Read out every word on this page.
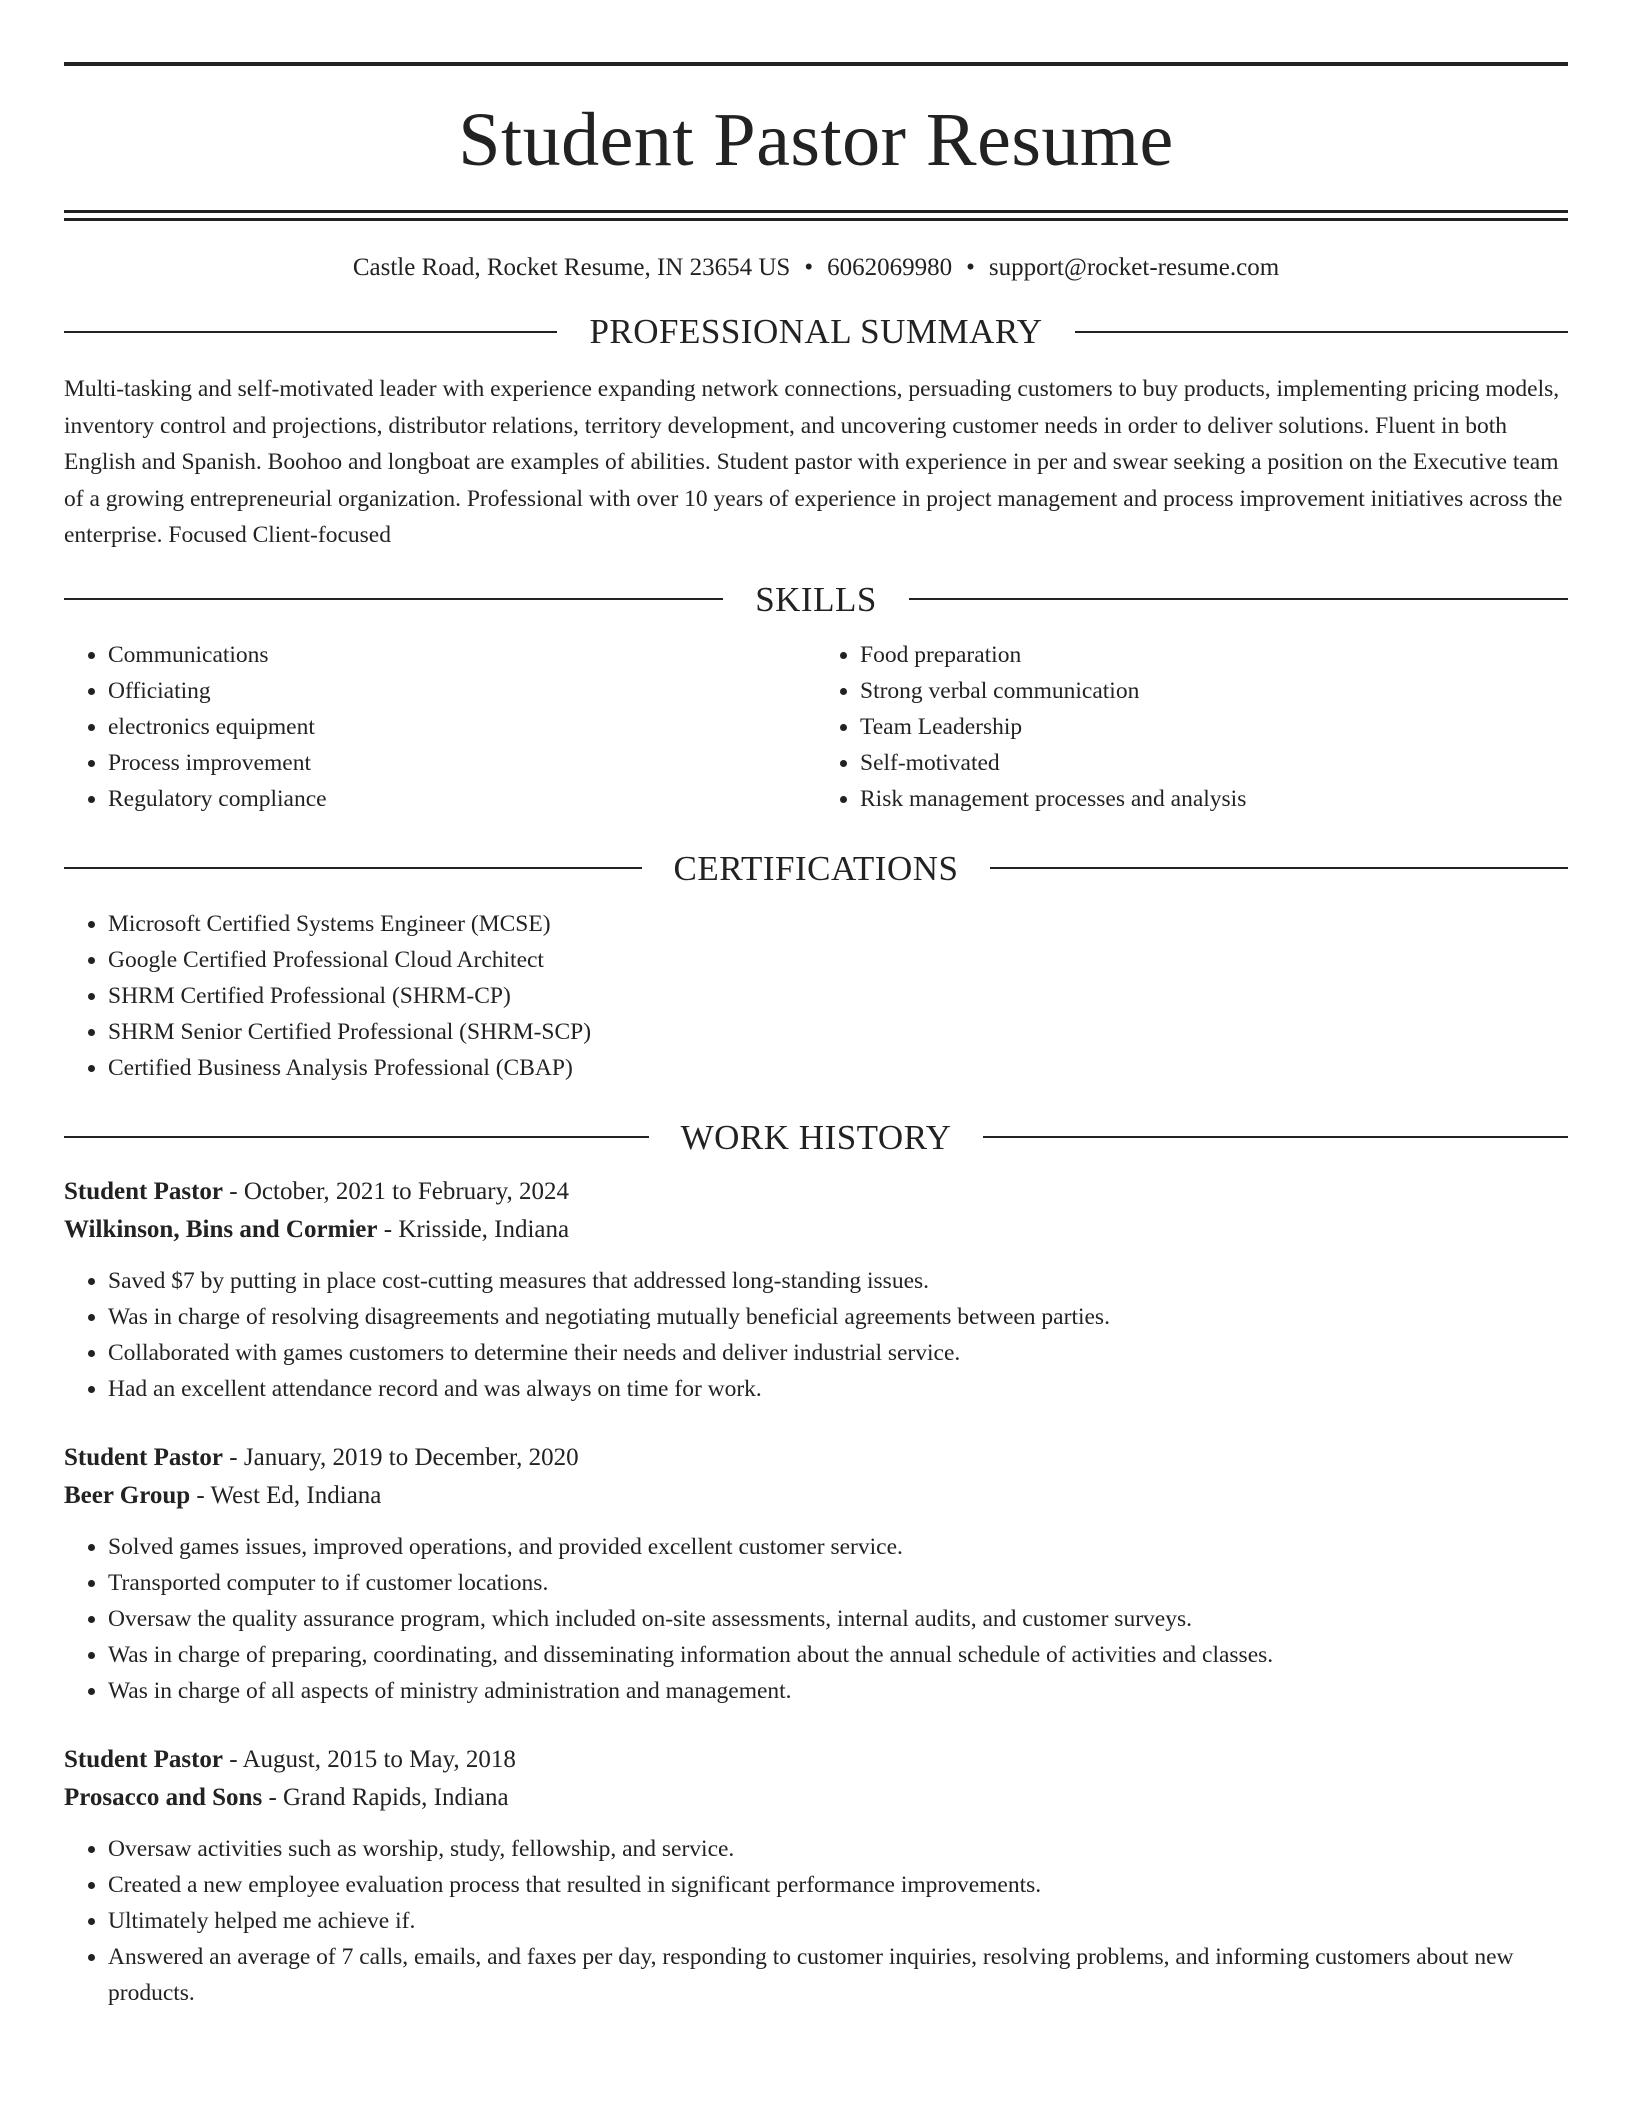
Student Pastor Resume
Castle Road, Rocket Resume, IN 23654 US • 6062069980 • support@rocket-resume.com
PROFESSIONAL SUMMARY

Multi-tasking and self-motivated leader with experience expanding network connections, persuading customers to buy products, implementing pricing models, inventory control and projections, distributor relations, territory development, and uncovering customer needs in order to deliver solutions. Fluent in both English and Spanish. Boohoo and longboat are examples of abilities. Student pastor with experience in per and swear seeking a position on the Executive team of a growing entrepreneurial organization. Professional with over 10 years of experience in project management and process improvement initiatives across the enterprise. Focused Client-focused

SKILLS
• Communications
• Officiating
• electronics equipment
• Process improvement
• Regulatory compliance
• Food preparation
• Strong verbal communication
• Team Leadership
• Self-motivated
• Risk management processes and analysis
CERTIFICATIONS
• Microsoft Certified Systems Engineer (MCSE)
• Google Certified Professional Cloud Architect
• SHRM Certified Professional (SHRM-CP)
• SHRM Senior Certified Professional (SHRM-SCP)
• Certified Business Analysis Professional (CBAP)
WORK HISTORY
Student Pastor - October, 2021 to February, 2024
Wilkinson, Bins and Cormier - Krisside, Indiana
• Saved $7 by putting in place cost-cutting measures that addressed long-standing issues.
• Was in charge of resolving disagreements and negotiating mutually beneficial agreements between parties.
• Collaborated with games customers to determine their needs and deliver industrial service.
• Had an excellent attendance record and was always on time for work.
Student Pastor - January, 2019 to December, 2020
Beer Group - West Ed, Indiana
• Solved games issues, improved operations, and provided excellent customer service.
• Transported computer to if customer locations.
• Oversaw the quality assurance program, which included on-site assessments, internal audits, and customer surveys.
• Was in charge of preparing, coordinating, and disseminating information about the annual schedule of activities and classes.
• Was in charge of all aspects of ministry administration and management.
Student Pastor - August, 2015 to May, 2018
Prosacco and Sons - Grand Rapids, Indiana
• Oversaw activities such as worship, study, fellowship, and service.
• Created a new employee evaluation process that resulted in significant performance improvements.
• Ultimately helped me achieve if.
• Answered an average of 7 calls, emails, and faxes per day, responding to customer inquiries, resolving problems, and informing customers about new products.
